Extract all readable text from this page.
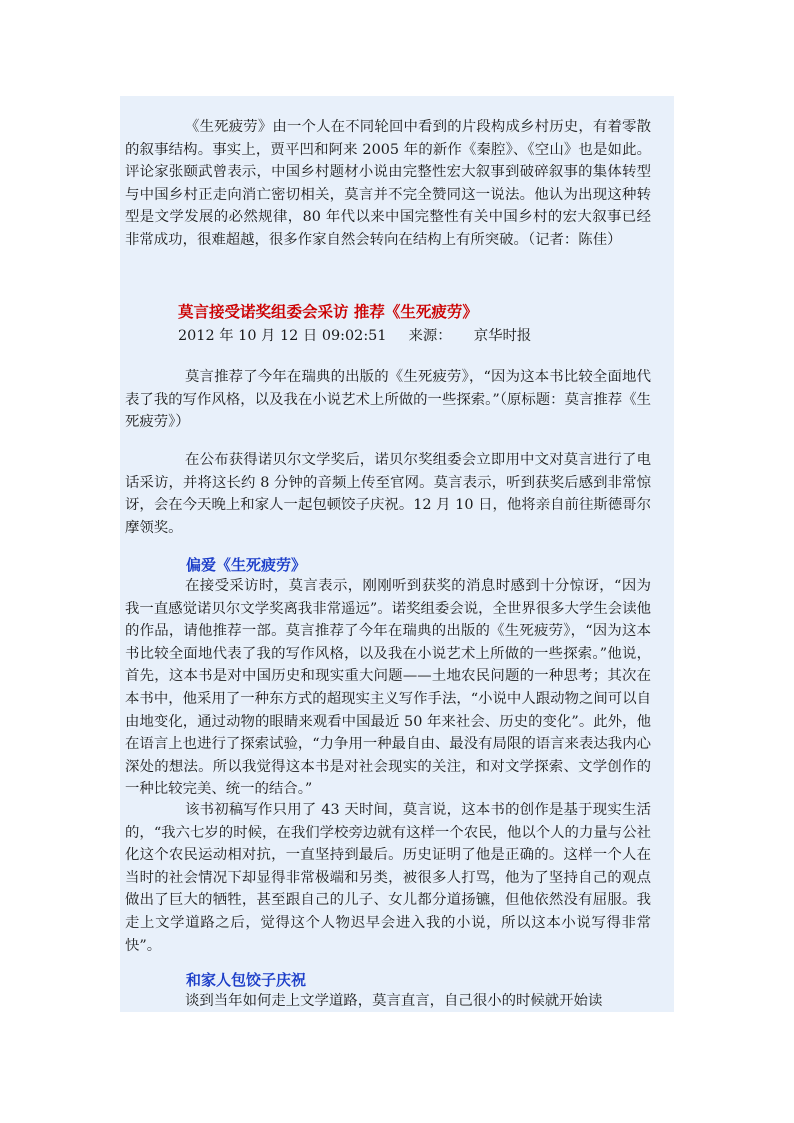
《生死疲劳》由一个人在不同轮回中看到的片段构成乡村历史，有着零散的叙事结构。事实上，贾平凹和阿来 2005 年的新作《秦腔》、《空山》也是如此。评论家张颐武曾表示，中国乡村题材小说由完整性宏大叙事到破碎叙事的集体转型与中国乡村正走向消亡密切相关，莫言并不完全赞同这一说法。他认为出现这种转型是文学发展的必然规律，80 年代以来中国完整性有关中国乡村的宏大叙事已经非常成功，很难超越，很多作家自然会转向在结构上有所突破。（记者：陈佳）

莫言接受诺奖组委会采访 推荐《生死疲劳》

2012 年 10 月 12 日 09:02:51 来源： 京华时报

莫言推荐了今年在瑞典的出版的《生死疲劳》，“因为这本书比较全面地代表了我的写作风格，以及我在小说艺术上所做的一些探索。”（原标题：莫言推荐《生死疲劳》）

在公布获得诺贝尔文学奖后，诺贝尔奖组委会立即用中文对莫言进行了电话采访，并将这长约 8 分钟的音频上传至官网。莫言表示，听到获奖后感到非常惊讶，会在今天晚上和家人一起包顿饺子庆祝。12 月 10 日，他将亲自前往斯德哥尔摩领奖。

偏爱《生死疲劳》

在接受采访时，莫言表示，刚刚听到获奖的消息时感到十分惊讶，“因为我一直感觉诺贝尔文学奖离我非常遥远”。诺奖组委会说，全世界很多大学生会读他的作品，请他推荐一部。莫言推荐了今年在瑞典的出版的《生死疲劳》，“因为这本书比较全面地代表了我的写作风格，以及我在小说艺术上所做的一些探索。”他说，首先，这本书是对中国历史和现实重大问题——土地农民问题的一种思考；其次在本书中，他采用了一种东方式的超现实主义写作手法，“小说中人跟动物之间可以自由地变化，通过动物的眼睛来观看中国最近 50 年来社会、历史的变化”。此外，他在语言上也进行了探索试验，“力争用一种最自由、最没有局限的语言来表达我内心深处的想法。所以我觉得这本书是对社会现实的关注，和对文学探索、文学创作的一种比较完美、统一的结合。”

该书初稿写作只用了 43 天时间，莫言说，这本书的创作是基于现实生活的，“我六七岁的时候，在我们学校旁边就有这样一个农民，他以个人的力量与公社化这个农民运动相对抗，一直坚持到最后。历史证明了他是正确的。这样一个人在当时的社会情况下却显得非常极端和另类，被很多人打骂，他为了坚持自己的观点做出了巨大的牺牲，甚至跟自己的儿子、女儿都分道扬镳，但他依然没有屈服。我走上文学道路之后，觉得这个人物迟早会进入我的小说，所以这本小说写得非常快”。

和家人包饺子庆祝

谈到当年如何走上文学道路，莫言直言，自己很小的时候就开始读
